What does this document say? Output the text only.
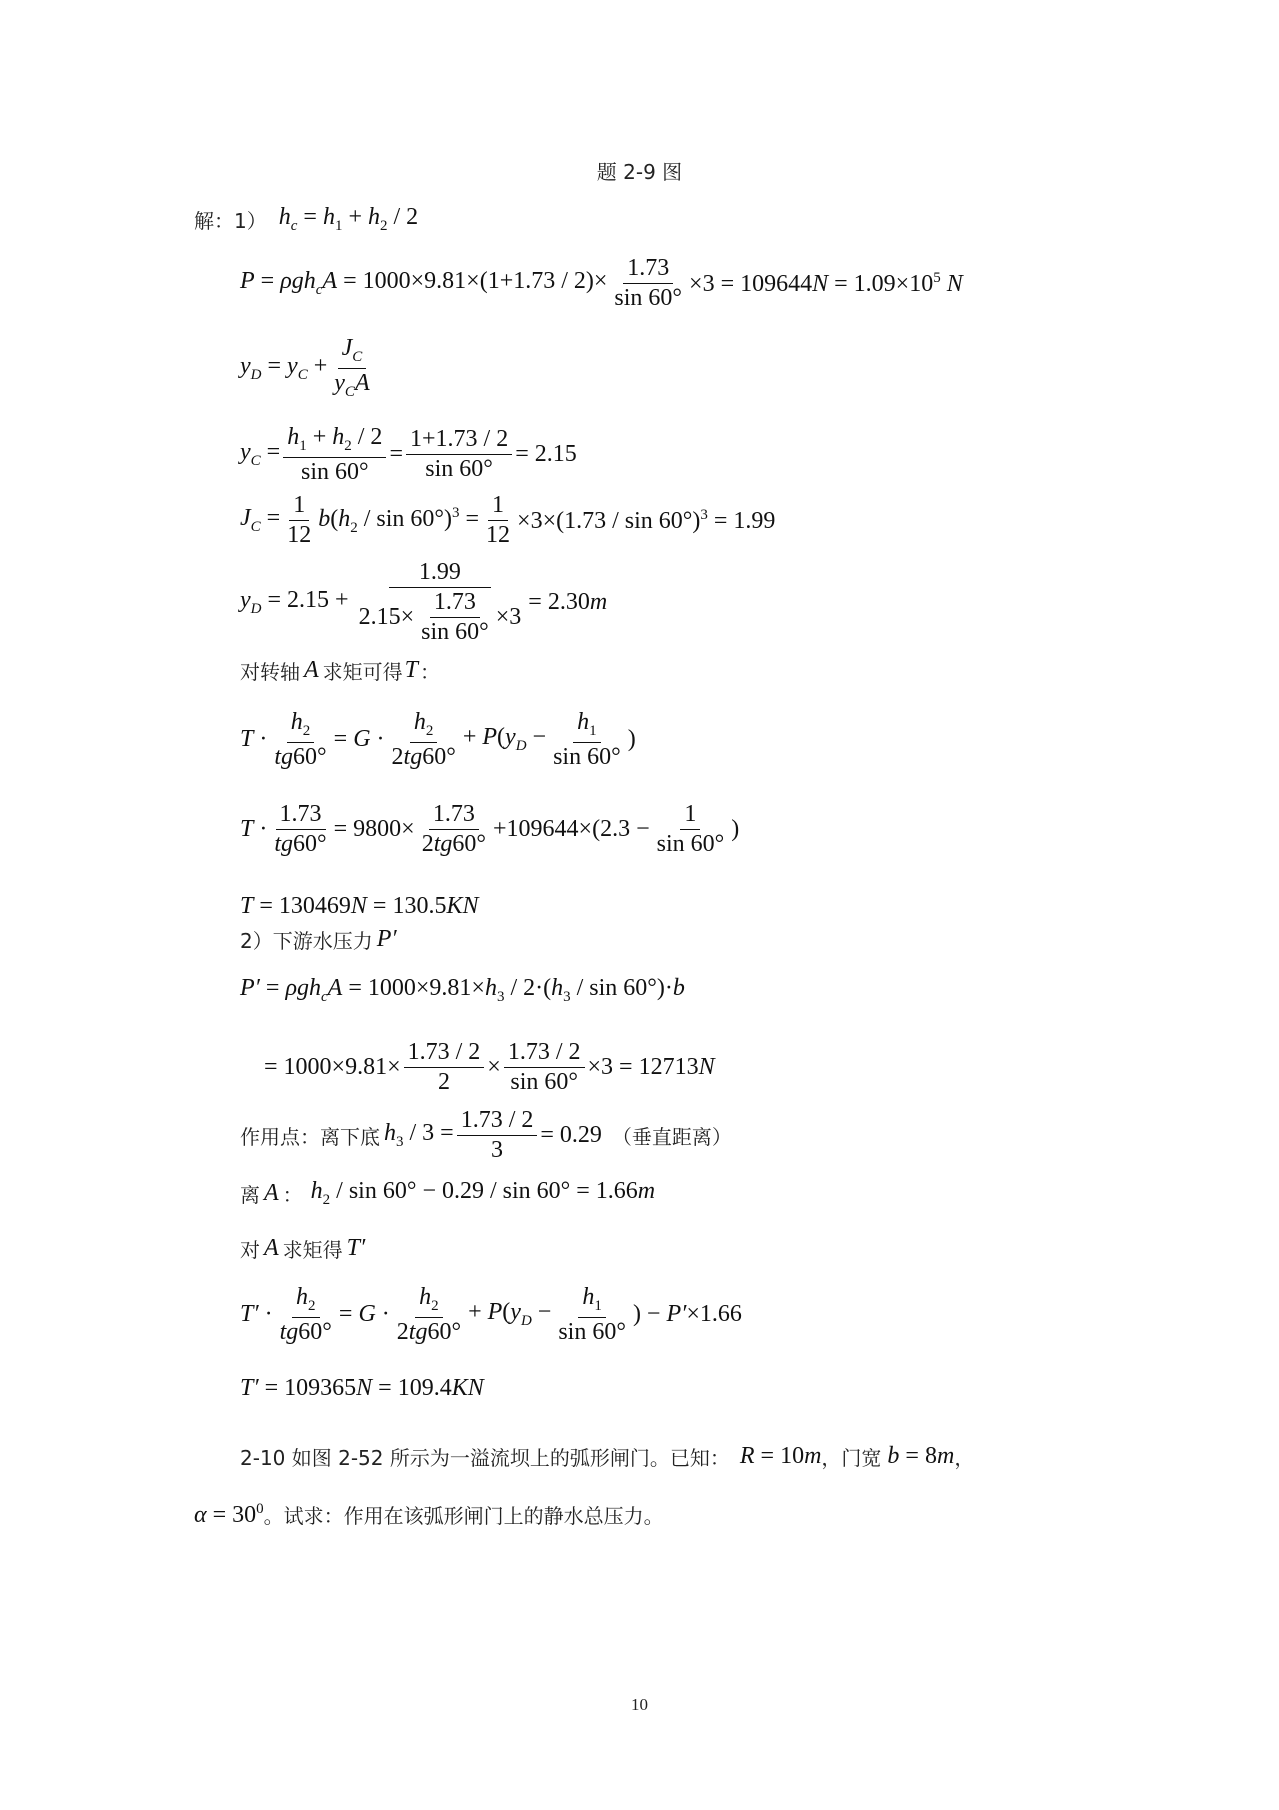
题 2-9 图
解：1） $h_c = h_1 + h_2 / 2$
$P = \rho gh_cA = 1000\times 9.81\times(1+1.73 / 2)\times \frac{1.73}{\sin 60^\circ} \times 3 = 109644N = 1.09\times 10^5$ N
$y_D = y_C + \frac{J_C}{y_CA}$
$y_C = \frac{h_1 + h_2 / 2}{\sin 60^\circ} = \frac{1+1.73 / 2}{\sin 60^\circ} = 2.15$
$J_C = \frac{1}{12} b(h_2 / \sin 60^\circ)^3 = \frac{1}{12} \times 3\times(1.73 / \sin 60^\circ)^3 = 1.99$
$y_D = 2.15 + \frac{1.99}{2.15\times \frac{1.73}{\sin 60^\circ} \times 3} = 2.30m$
对转轴 A 求矩可得 T ：
$T \cdot \frac{h_2}{tg60^\circ} = G \cdot \frac{h_2}{2tg60^\circ} + P(y_D - \frac{h_1}{\sin 60^\circ}$ )
$T \cdot \frac{1.73}{tg60^\circ} = 9800\times \frac{1.73}{2tg60^\circ} +109644\times(2.3 - \frac{1}{\sin 60^\circ}$ )
T = 130469N = 130.5KN
2）下游水压力 P′
$P' = \rho gh_cA = 1000\times 9.81\times h_3 / 2\cdot(h_3 / \sin 60^\circ)\cdot b$
= $1000\times 9.81\times \frac{1.73 / 2}{2} \times \frac{1.73 / 2}{\sin 60^\circ} \times 3 = 12713N$
作用点：离下底 $h_3 / 3 = \frac{1.73 / 2}{3} = 0.29$ （垂直距离）
离 A ： $h_2 / \sin 60^\circ - 0.29 / \sin 60^\circ = 1.66m$
对 A 求矩得 T′
$T' \cdot \frac{h_2}{tg60^\circ} = G \cdot \frac{h_2}{2tg60^\circ} + P(y_D - \frac{h_1}{\sin 60^\circ}$ ) − P′×1.66
T′ = 109365N = 109.4KN
2-10 如图 2-52 所示为一溢流坝上的弧形闸门。已知： R = 10m ，门宽 b = 8m ，
$\alpha = 30^0$ 。试求：作用在该弧形闸门上的静水总压力。
10
